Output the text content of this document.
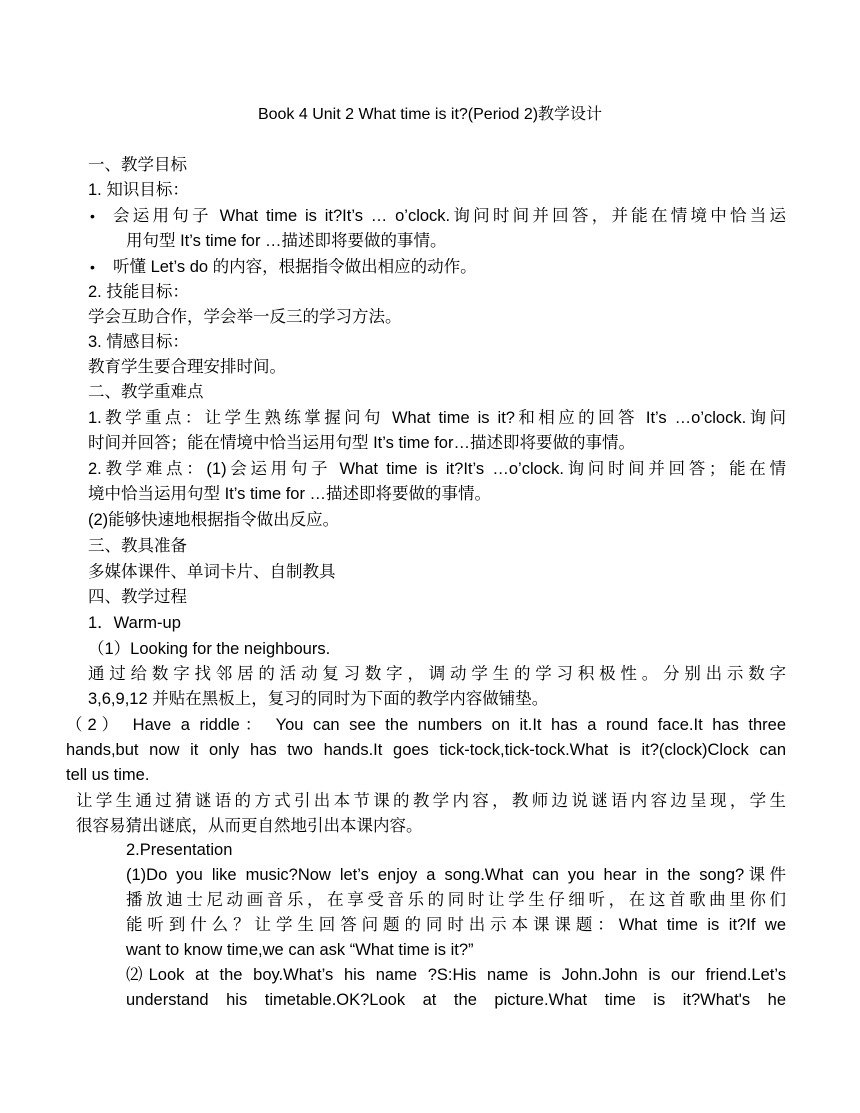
Book 4 Unit 2 What time is it?(Period 2)教学设计
一、教学目标
1. 知识目标：
• 会运用句子 What time is it?It’s … o’clock.询问时间并回答，并能在情境中恰当运
用句型 It’s time for …描述即将要做的事情。
• 听懂 Let’s do 的内容，根据指令做出相应的动作。
2. 技能目标：
学会互助合作，学会举一反三的学习方法。
3. 情感目标：
教育学生要合理安排时间。
二、教学重难点
1.教学重点：让学生熟练掌握问句 What time is it?和相应的回答 It’s …o’clock.询问
时间并回答；能在情境中恰当运用句型 It’s time for…描述即将要做的事情。
2.教学难点：(1)会运用句子 What time is it?It’s …o’clock.询问时间并回答；能在情
境中恰当运用句型 It’s time for …描述即将要做的事情。
(2)能够快速地根据指令做出反应。
三、教具准备
多媒体课件、单词卡片、自制教具
四、教学过程
1．Warm-up
（1）Looking for the neighbours.
通过给数字找邻居的活动复习数字，调动学生的学习积极性。分别出示数字
3,6,9,12 并贴在黑板上，复习的同时为下面的教学内容做铺垫。
（2） Have a riddle： You can see the numbers on it.It has a round face.It has three
hands,but now it only has two hands.It goes tick-tock,tick-tock.What is it?(clock)Clock can
tell us time.
让学生通过猜谜语的方式引出本节课的教学内容，教师边说谜语内容边呈现，学生
很容易猜出谜底，从而更自然地引出本课内容。
2.Presentation
(1)Do you like music?Now let’s enjoy a song.What can you hear in the song?课件
播放迪士尼动画音乐，在享受音乐的同时让学生仔细听，在这首歌曲里你们
能听到什么？让学生回答问题的同时出示本课课题：What time is it?If we
want to know time,we can ask “What time is it?”
⑵Look at the boy.What’s his name ?S:His name is John.John is our friend.Let’s
understand his timetable.OK?Look at the picture.What time is it?What's he
